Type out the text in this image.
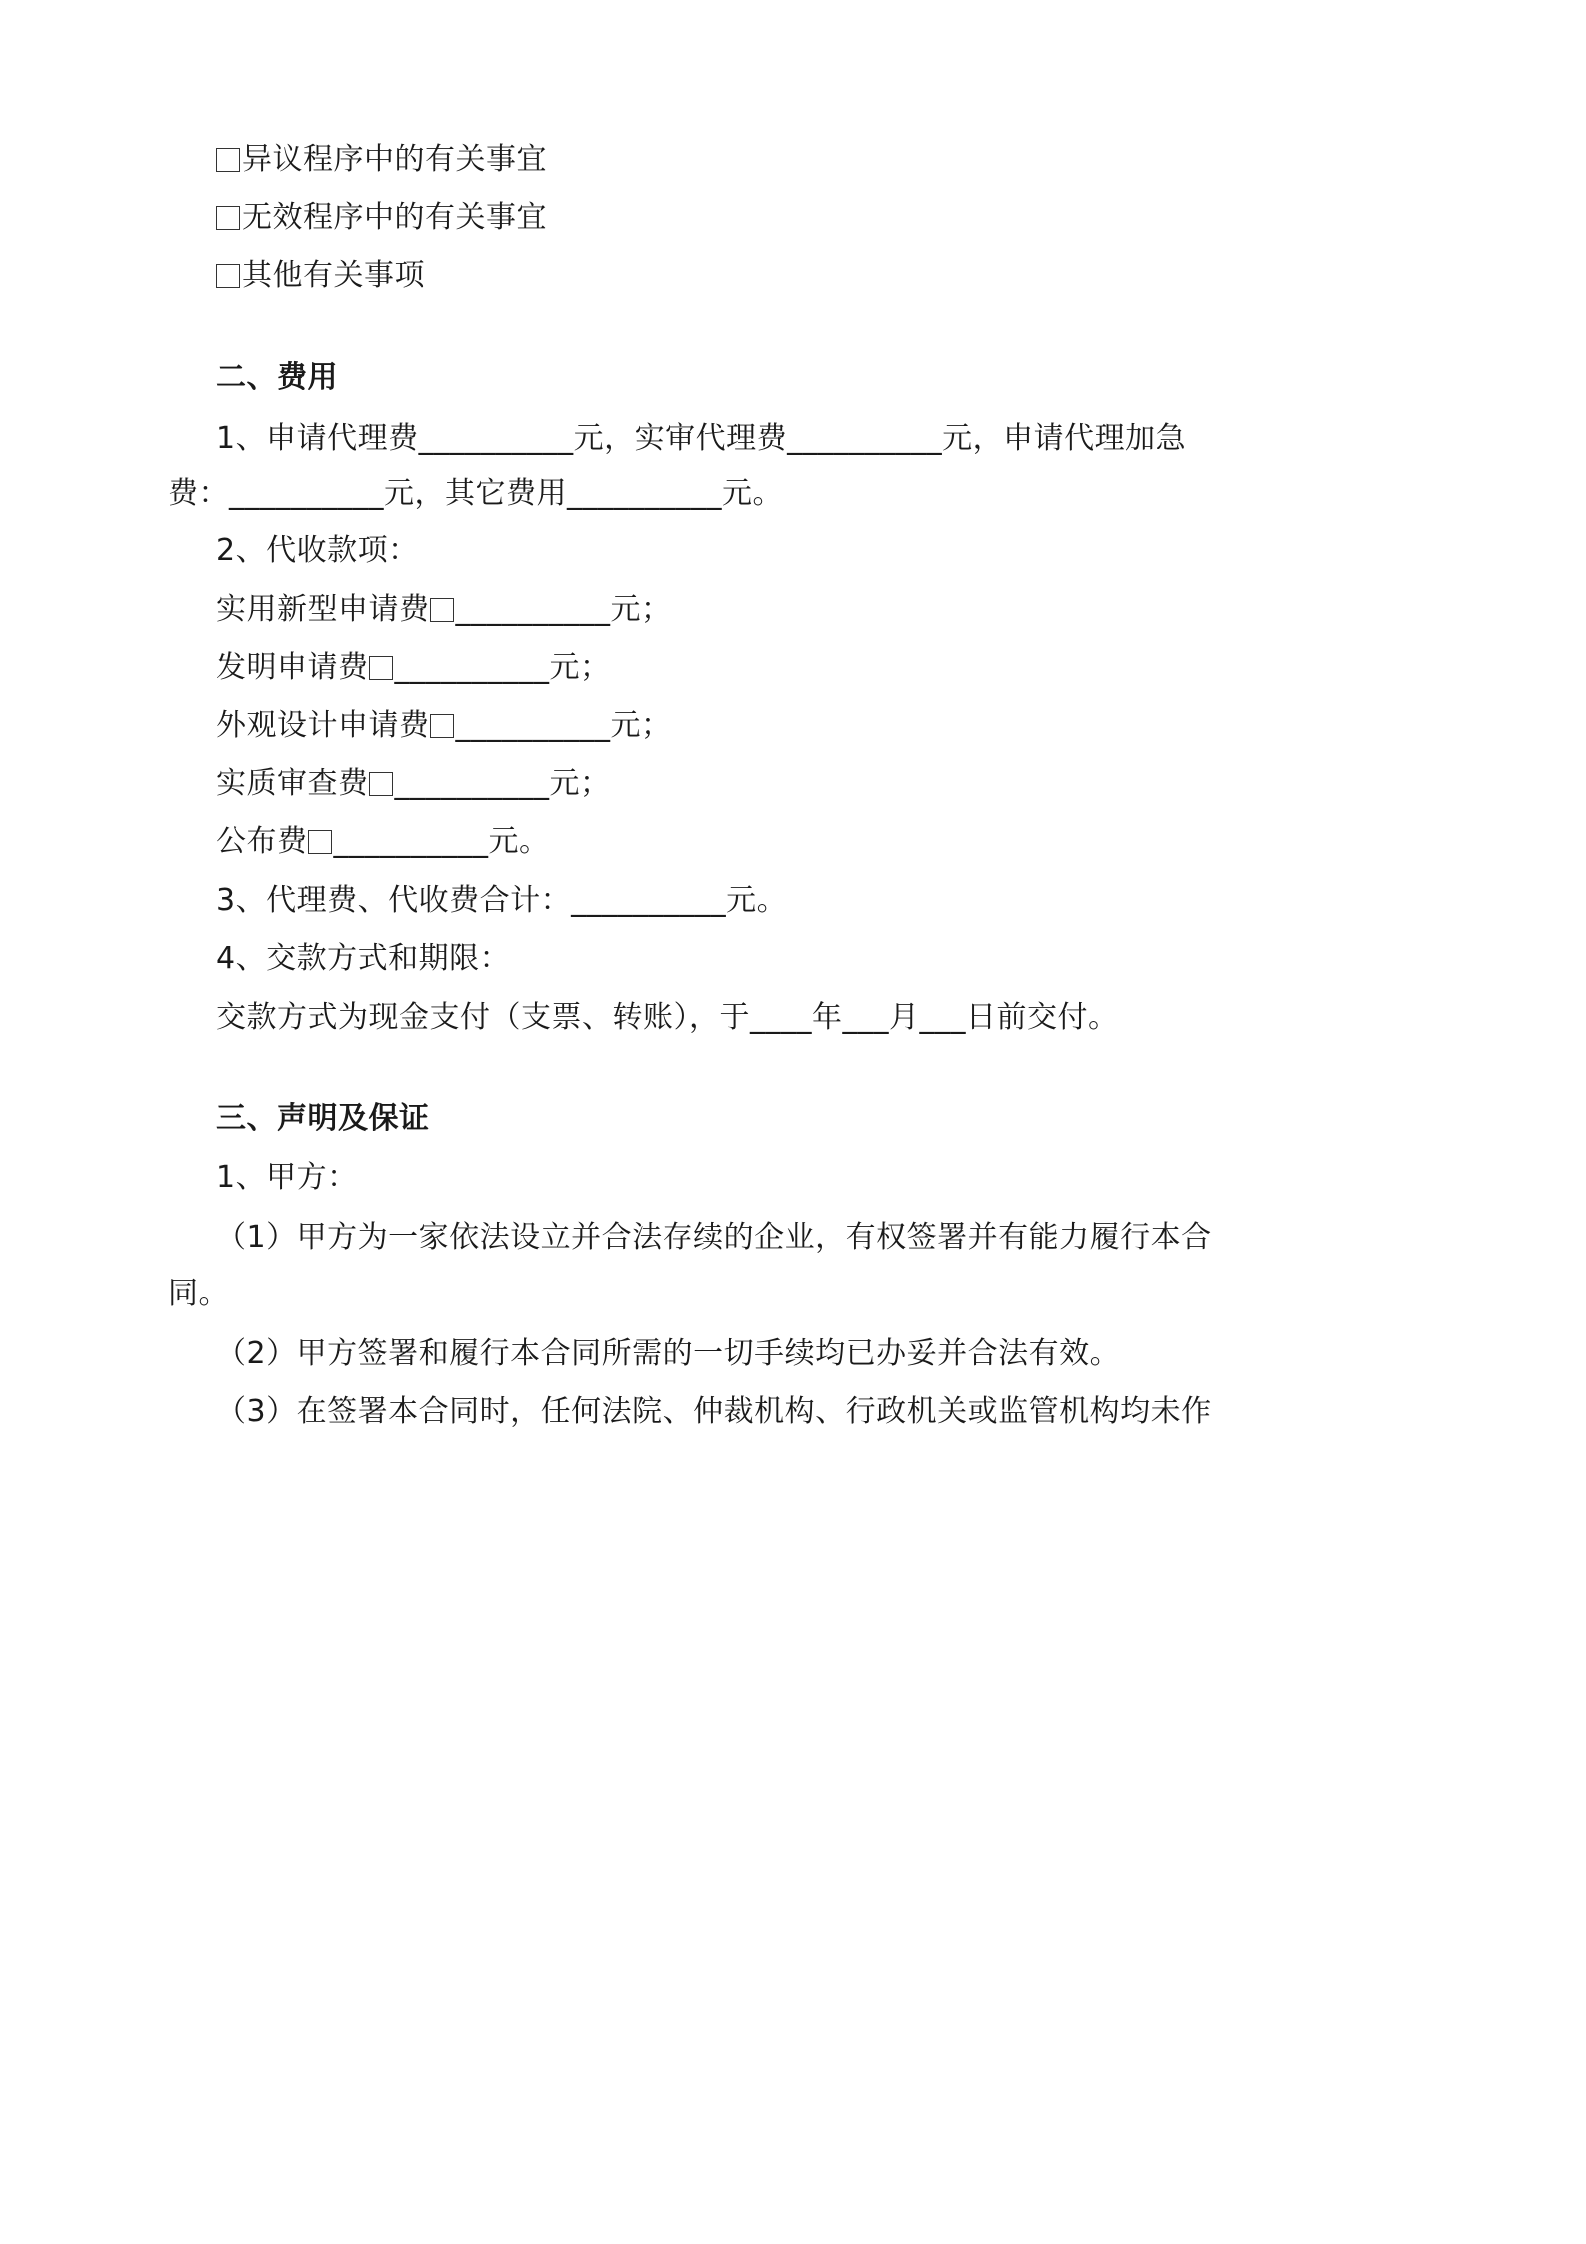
异议程序中的有关事宜
无效程序中的有关事宜
其他有关事项
二、费用
1、申请代理费__________元，实审代理费__________元，申请代理加急
费：__________元，其它费用__________元。
2、代收款项：
实用新型申请费 __________元；
发明申请费 __________元；
外观设计申请费 __________元；
实质审查费 __________元；
公布费 __________元。
3、代理费、代收费合计：__________元。
4、交款方式和期限：
交款方式为现金支付（支票、转账），于____年___月___日前交付。
三、声明及保证
1、甲方：
（1）甲方为一家依法设立并合法存续的企业，有权签署并有能力履行本合
同。
（2）甲方签署和履行本合同所需的一切手续均已办妥并合法有效。
（3）在签署本合同时，任何法院、仲裁机构、行政机关或监管机构均未作
